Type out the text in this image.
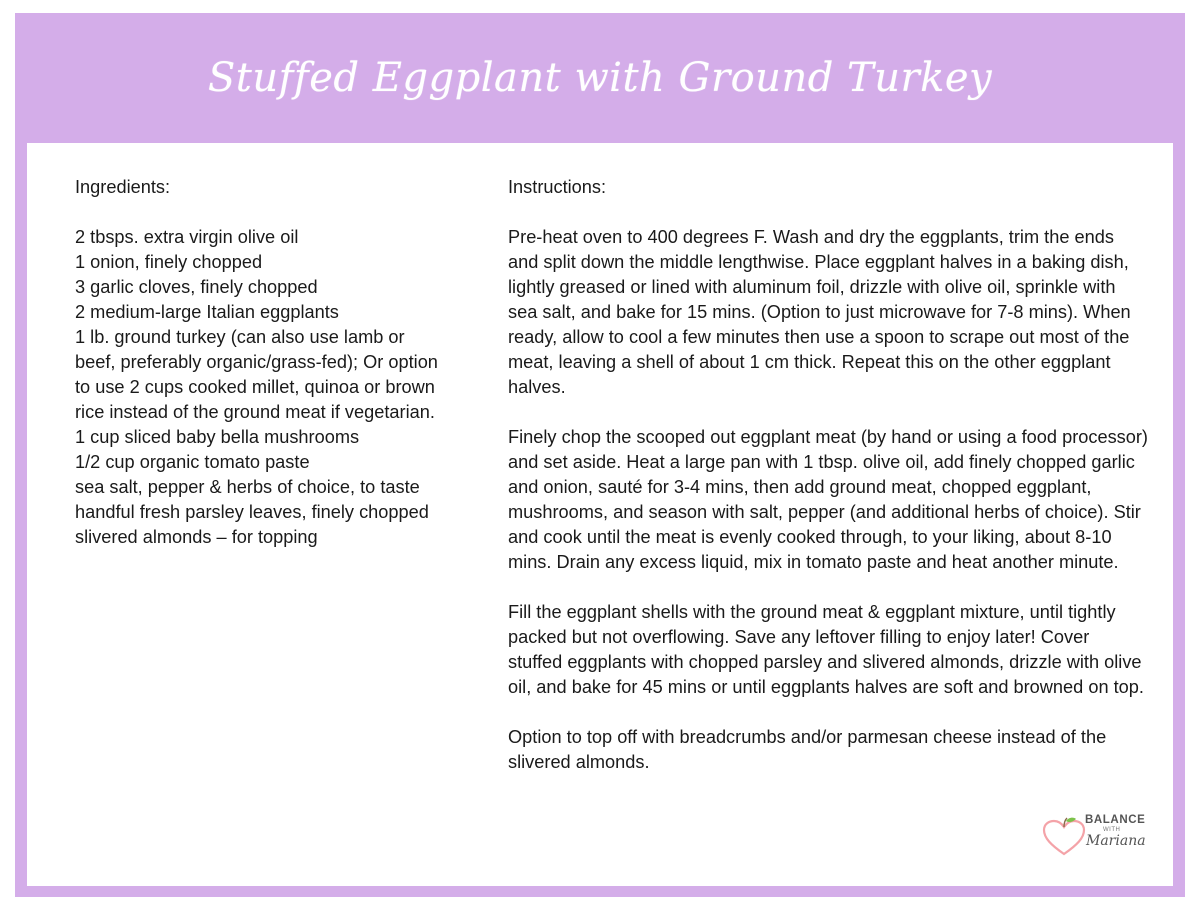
Stuffed Eggplant with Ground Turkey

Ingredients:

2 tbsps. extra virgin olive oil
1 onion, finely chopped
3 garlic cloves, finely chopped
2 medium-large Italian eggplants
1 lb. ground turkey (can also use lamb or beef, preferably organic/grass-fed); Or option to use 2 cups cooked millet, quinoa or brown rice instead of the ground meat if vegetarian.
1 cup sliced baby bella mushrooms
1/2 cup organic tomato paste
sea salt, pepper & herbs of choice, to taste
handful fresh parsley leaves, finely chopped
slivered almonds – for topping

Instructions:

Pre-heat oven to 400 degrees F. Wash and dry the eggplants, trim the ends and split down the middle lengthwise. Place eggplant halves in a baking dish, lightly greased or lined with aluminum foil, drizzle with olive oil, sprinkle with sea salt, and bake for 15 mins. (Option to just microwave for 7-8 mins). When ready, allow to cool a few minutes then use a spoon to scrape out most of the meat, leaving a shell of about 1 cm thick. Repeat this on the other eggplant halves.

Finely chop the scooped out eggplant meat (by hand or using a food processor) and set aside. Heat a large pan with 1 tbsp. olive oil, add finely chopped garlic and onion, sauté for 3-4 mins, then add ground meat, chopped eggplant, mushrooms, and season with salt, pepper (and additional herbs of choice). Stir and cook until the meat is evenly cooked through, to your liking, about 8-10 mins. Drain any excess liquid, mix in tomato paste and heat another minute.

Fill the eggplant shells with the ground meat & eggplant mixture, until tightly packed but not overflowing. Save any leftover filling to enjoy later! Cover stuffed eggplants with chopped parsley and slivered almonds, drizzle with olive oil, and bake for 45 mins or until eggplants halves are soft and browned on top.

Option to top off with breadcrumbs and/or parmesan cheese instead of the slivered almonds.

BALANCE
WITH
Mariana
